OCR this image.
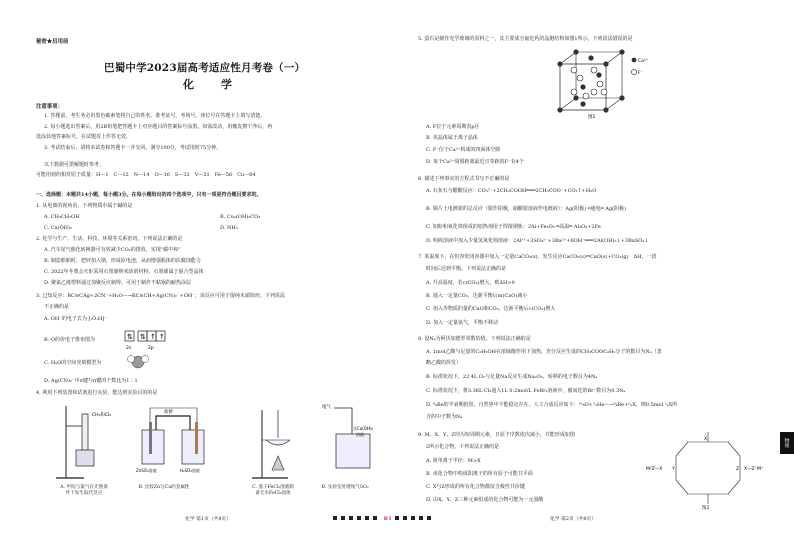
秘密★启用前
巴蜀中学2023届高考适应性月考卷（一）
化　学
注意事项：
1. 答题前，考生务必用黑色碳素笔将自己的姓名、准考证号、考场号、座位号在答题卡上填写清楚。
2. 每小题选出答案后，用2B铅笔把答题卡上对应题目的答案标号涂黑。如需改动，用橡皮擦干净后，再
选涂其他答案标号。在试题卷上作答无效。
3. 考试结束后，请将本试卷和答题卡一并交回。满分100分，考试用时75分钟。
以下数据可供解题时参考。
可能用到的相对原子质量：H—1　C—12　N—14　O—16　S—32　V—51　Fe—56　Cu—64
一、选择题：本题共14小题，每小题3分。在每小题给出的四个选项中，只有一项是符合题目要求的。
1. 从电离的视角看，下列物质中属于碱的是
A. CH₃CH₂OH	B. Cu₂(OH)₂CO₃
C. Ca(OH)₂	D. NH₃
2. 化学与生产、生活、科技、环境等关系密切。下列说法正确的是
A. 汽车尾气催化转换器可有效减少CO₂的排放，实现“碳中和”
B. 制造船舶时，把锌加入钢，形成原电池，从而增强船体的抗腐蚀能力
C. 2022年冬奥会火炬采用石墨烯纳米防滑材料，石墨烯属于混合型晶体
D. 聚氯乙烯塑料通过加聚反应制得，可用于制作不粘锅的耐热涂层
3. 已知反应：RC≡CAg+2CN⁻+H₂O—→RC≡CH+Ag(CN)₂⁻+OH⁻，该反应可用于提纯末端炔烃。下列说法
不正确的是
A. OH⁻的电子式为 [:Ö:H]⁻
B. O的价电子排布图为	⇅ ⇅ ↑ ↑
2s	2p
C. H₂O的空间充填模型为
D. Ag(CN)₂⁻中σ键与π键的个数比为1∶1
4. 利用下列装置和试剂进行实验，能达到实验目的的是
CH₄和Cl₂
盐桥
ZnSO₄溶液	H₂SO₄溶液
尾气
含Ca(OH)₂
溶液
A. 甲烷与氯气在光照条件下发生取代反应
B. 比较Zn与Cu的金属性	C. 蒸干FeCl₃溶液制备无水FeCl₃固体
D. 实验室处理尾气SO₂
化学·第1页（共8页）	BI
5. 萤石是制作光学玻璃的原料之一，其主要成分氟化钙的晶胞结构如图1所示。下列说法错误的是
Ca²⁺
F⁻
图1
A. F位于元素周期表p区
B. 该晶体属于离子晶体
C. F⁻位于Ca²⁺构成的四面体空隙
D. 每个Ca²⁺周围距离最近且等距的F⁻有4个
6. 描述下列事实的方程式书写不正确的是
A. 石灰石与醋酸反应：CO₃²⁻+2CH₃COOH═══2CH₃COO⁻+CO₂↑+H₂O
B. 铜片上电镀银的总反应（银作阳极，硝酸银溶液作电镀液）：Ag(阳极) ═通电═ Ag(阴极)
C. 铝粉和氧化铁组成的铝热剂用于焊接钢轨：2Al+Fe₂O₃ ═高温═ Al₂O₃+2Fe
D. 明矾溶液中加入少量氢氧化钡溶液：2Al³⁺+3SO₄²⁻+3Ba²⁺+6OH⁻═══2Al(OH)₃↓+3BaSO₄↓
7. 某温度下，在恒容密闭容器中加入一定量CaCO₃(s)，发生反应CaCO₃(s)⇌CaO(s)+CO₂(g)　ΔH，一段
时间后达到平衡。下列说法正确的是
A. 升高温度，若c(CO₂)增大，则ΔH>0
B. 通入一定量CO₂，达新平衡后m(CaO)减小
C. 加入等物质的量的CaO和CO₂，达新平衡后c(CO₂)增大
D. 加入一定量氩气，平衡不移动
8. 设Nₐ为阿伏加德罗常数的值。下列说法正确的是
A. 1mol乙酸与足量的C₂H₅OH在浓硫酸作用下加热，充分反应生成的CH₃COOC₂H₅分子的数目为Nₐ（忽
略乙酸的挥发）
B. 标准状况下，22.4L O₂与足量Na反应生成Na₂O₂，转移的电子数目为4Nₐ
C. 标准状况下，将3.36L Cl₂通入1L 0.2mol/L FeBr₂溶液中，被氧化的Br⁻数目为0.3Nₐ
D. ⁹₄Be的半衰期很短，自然界中不能稳定存在。人工合成反应如下：¹⁶₈O+³₂He—→⁹₄Be+ᵇₐX，则0.5mol ᵇₐX所
含的中子数为Nₐ
9. M、X、Y、Z均为短周期元素，且原子序数依次减小，并能形成如图
2所示化合物。下列说法正确的是
A. 简单离子半径：M>X
B. 该化合物中构成阳离子的所有原子可能共平面
C. X与Z形成的所有化合物都仅含极性共价键
D. 由X、Y、Z三种元素组成的化合物可能为一元弱酸
X
Y	Z
M²Z—X	X—Z⁻M⁺
图2
化学·第2页（共8页）
物理
